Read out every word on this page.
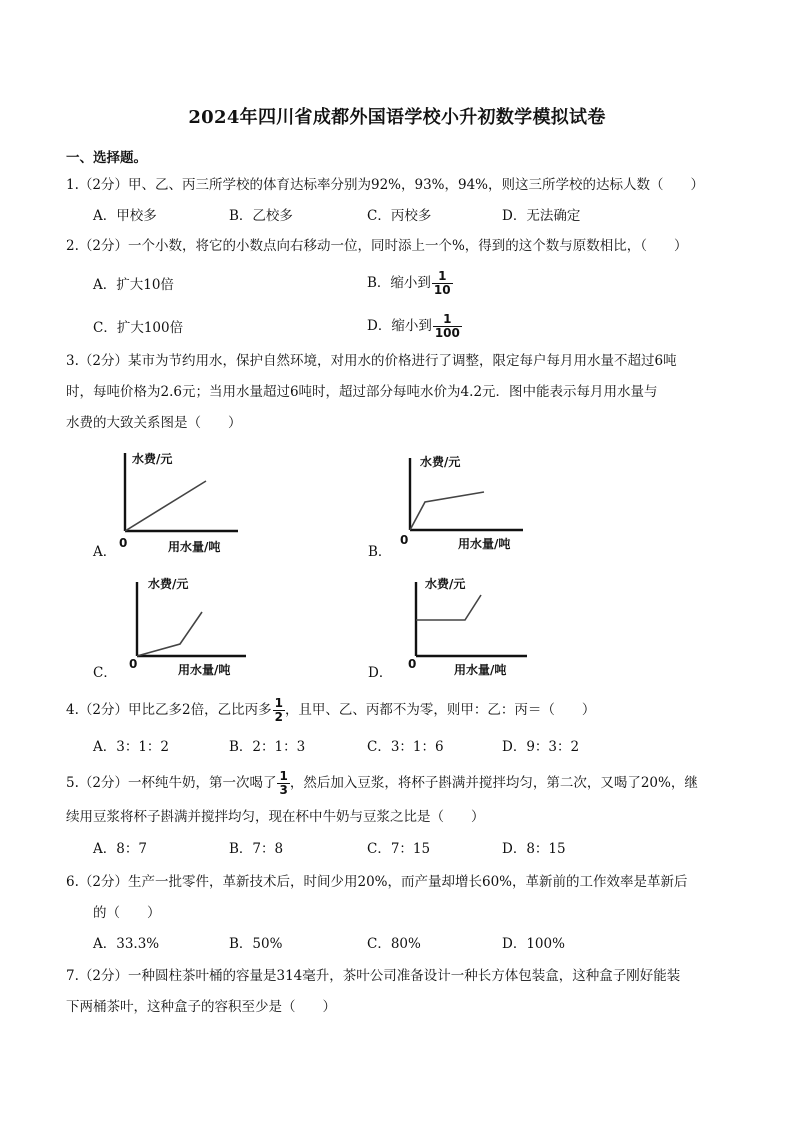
2024年四川省成都外国语学校小升初数学模拟试卷
一、选择题。
1.（2分）甲、乙、丙三所学校的体育达标率分别为92%，93%，94%，则这三所学校的达标人数（　　）
A．甲校多	B．乙校多	C．丙校多	D．无法确定
2.（2分）一个小数，将它的小数点向右移动一位，同时添上一个%，得到的这个数与原数相比，（　　）
A．扩大10倍	B．缩小到 $\frac{1}{10}$
C．扩大100倍	D．缩小到 $\frac{1}{100}$
3.（2分）某市为节约用水，保护自然环境，对用水的价格进行了调整，限定每户每月用水量不超过6吨
时，每吨价格为2.6元；当用水量超过6吨时，超过部分每吨水价为4.2元．图中能表示每月用水量与
水费的大致关系图是（　　）
A．
水费/元
用水量/吨
0
B．
水费/元
用水量/吨
0
C．
水费/元
用水量/吨
0
D．
水费/元
用水量/吨
0
4.（2分）甲比乙多2倍，乙比丙多 $\frac{1}{2}$ ，且甲、乙、丙都不为零，则甲：乙：丙＝（　　）
A．3：1：2	B．2：1：3	C．3：1：6	D．9：3：2
5.（2分）一杯纯牛奶，第一次喝了 $\frac{1}{3}$ ，然后加入豆浆，将杯子斟满并搅拌均匀，第二次，又喝了20%，继
续用豆浆将杯子斟满并搅拌均匀，现在杯中牛奶与豆浆之比是（　　）
A．8：7	B．7：8	C．7：15	D．8：15
6.（2分）生产一批零件，革新技术后，时间少用20%，而产量却增长60%，革新前的工作效率是革新后
的（　　）
A．33.3%	B．50%	C．80%	D．100%
7.（2分）一种圆柱茶叶桶的容量是314毫升，茶叶公司准备设计一种长方体包装盒，这种盒子刚好能装
下两桶茶叶，这种盒子的容积至少是（　　）
